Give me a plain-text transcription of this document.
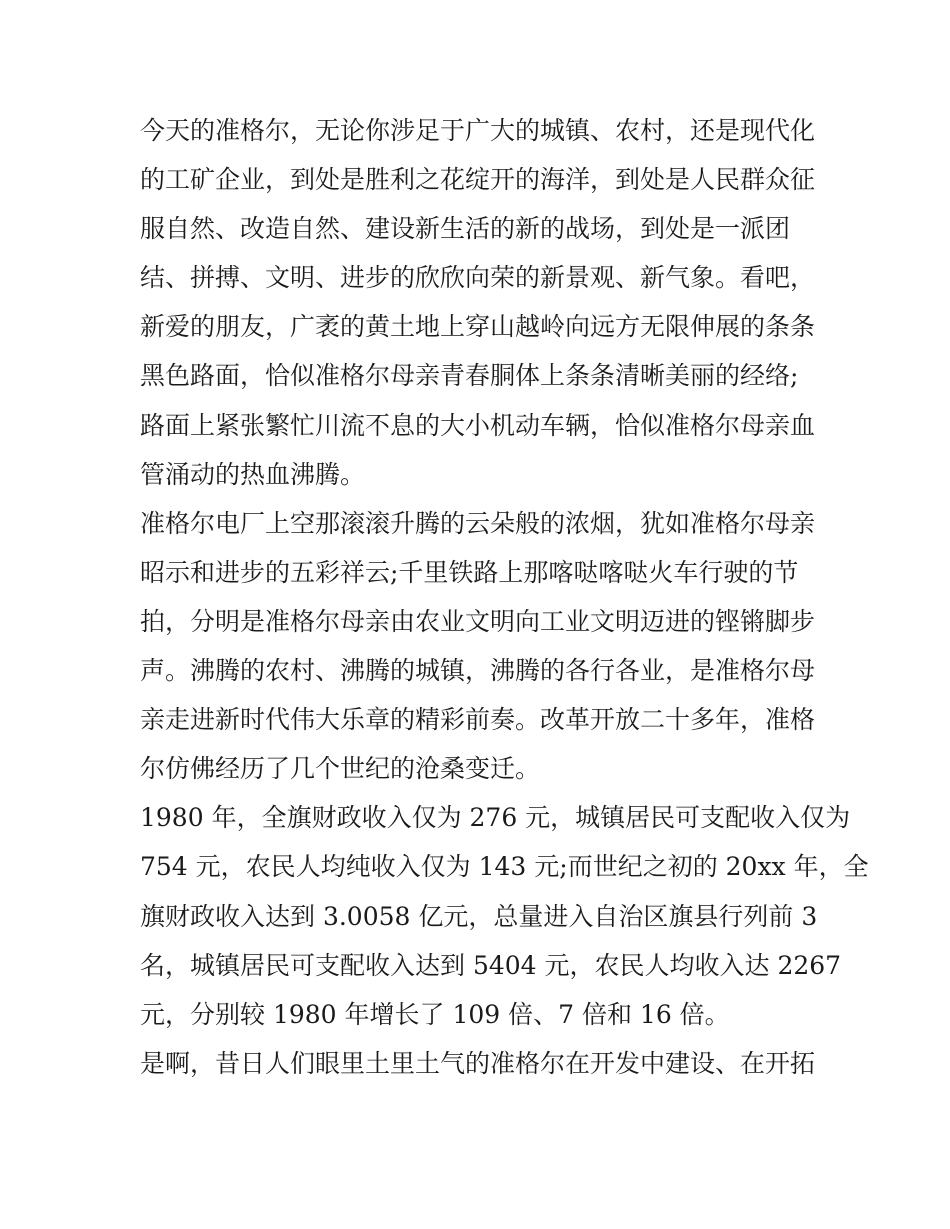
今天的准格尔，无论你涉足于广大的城镇、农村，还是现代化
的工矿企业，到处是胜利之花绽开的海洋，到处是人民群众征
服自然、改造自然、建设新生活的新的战场，到处是一派团
结、拼搏、文明、进步的欣欣向荣的新景观、新气象。看吧，
新爱的朋友，广袤的黄土地上穿山越岭向远方无限伸展的条条
黑色路面，恰似准格尔母亲青春胴体上条条清晰美丽的经络;
路面上紧张繁忙川流不息的大小机动车辆，恰似准格尔母亲血
管涌动的热血沸腾。
准格尔电厂上空那滚滚升腾的云朵般的浓烟，犹如准格尔母亲
昭示和进步的五彩祥云;千里铁路上那喀哒喀哒火车行驶的节
拍，分明是准格尔母亲由农业文明向工业文明迈进的铿锵脚步
声。沸腾的农村、沸腾的城镇，沸腾的各行各业，是准格尔母
亲走进新时代伟大乐章的精彩前奏。改革开放二十多年，准格
尔仿佛经历了几个世纪的沧桑变迁。
1980 年，全旗财政收入仅为 276 元，城镇居民可支配收入仅为
754 元，农民人均纯收入仅为 143 元;而世纪之初的 20xx 年，全
旗财政收入达到 3.0058 亿元，总量进入自治区旗县行列前 3
名，城镇居民可支配收入达到 5404 元，农民人均收入达 2267
元，分别较 1980 年增长了 109 倍、7 倍和 16 倍。
是啊，昔日人们眼里土里土气的准格尔在开发中建设、在开拓
